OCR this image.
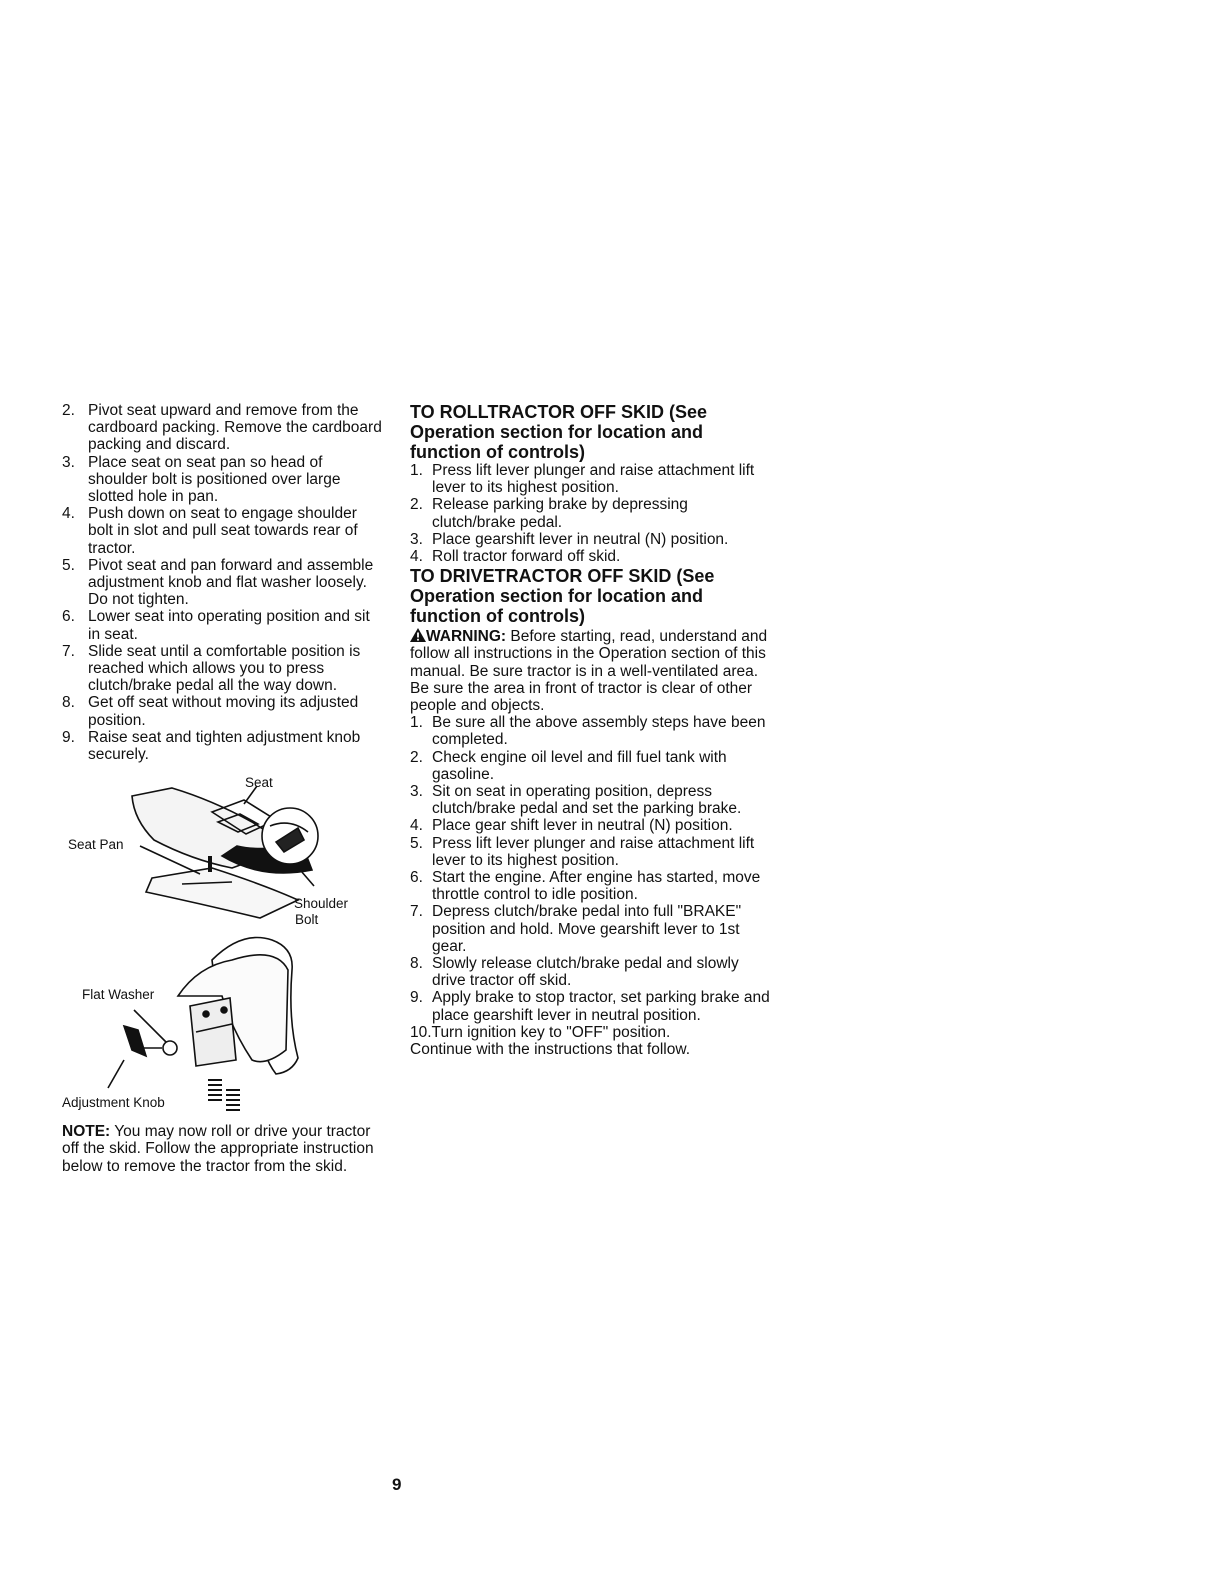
2. Pivot seat upward and remove from the cardboard packing. Remove the cardboard packing and discard.
3. Place seat on seat pan so head of shoulder bolt is positioned over large slotted hole in pan.
4. Push down on seat to engage shoulder bolt in slot and pull seat towards rear of tractor.
5. Pivot seat and pan forward and assemble adjustment knob and flat washer loosely. Do not tighten.
6. Lower seat into operating position and sit in seat.
7. Slide seat until a comfortable position is reached which allows you to press clutch/brake pedal all the way down.
8. Get off seat without moving its adjusted position.
9. Raise seat and tighten adjustment knob securely.
Seat
Seat Pan
Shoulder
Bolt
Flat Washer
Adjustment Knob
NOTE: You may now roll or drive your tractor off the skid. Follow the appropriate instruction below to remove the tractor from the skid.
TO ROLLTRACTOR OFF SKID (See Operation section for location and function of controls)
1. Press lift lever plunger and raise attachment lift lever to its highest position.
2. Release parking brake by depressing clutch/brake pedal.
3. Place gearshift lever in neutral (N) position.
4. Roll tractor forward off skid.
TO DRIVETRACTOR OFF SKID (See Operation section for location and function of controls)
WARNING: Before starting, read, understand and follow all instructions in the Operation section of this manual. Be sure tractor is in a well-ventilated area. Be sure the area in front of tractor is clear of other people and objects.
1. Be sure all the above assembly steps have been completed.
2. Check engine oil level and fill fuel tank with gasoline.
3. Sit on seat in operating position, depress clutch/brake pedal and set the parking brake.
4. Place gear shift lever in neutral (N) position.
5. Press lift lever plunger and raise attachment lift lever to its highest position.
6. Start the engine. After engine has started, move throttle control to idle position.
7. Depress clutch/brake pedal into full "BRAKE" position and hold. Move gearshift lever to 1st gear.
8. Slowly release clutch/brake pedal and slowly drive tractor off skid.
9. Apply brake to stop tractor, set parking brake and place gearshift lever in neutral position.
10.Turn ignition key to "OFF" position.
Continue with the instructions that follow.
9
